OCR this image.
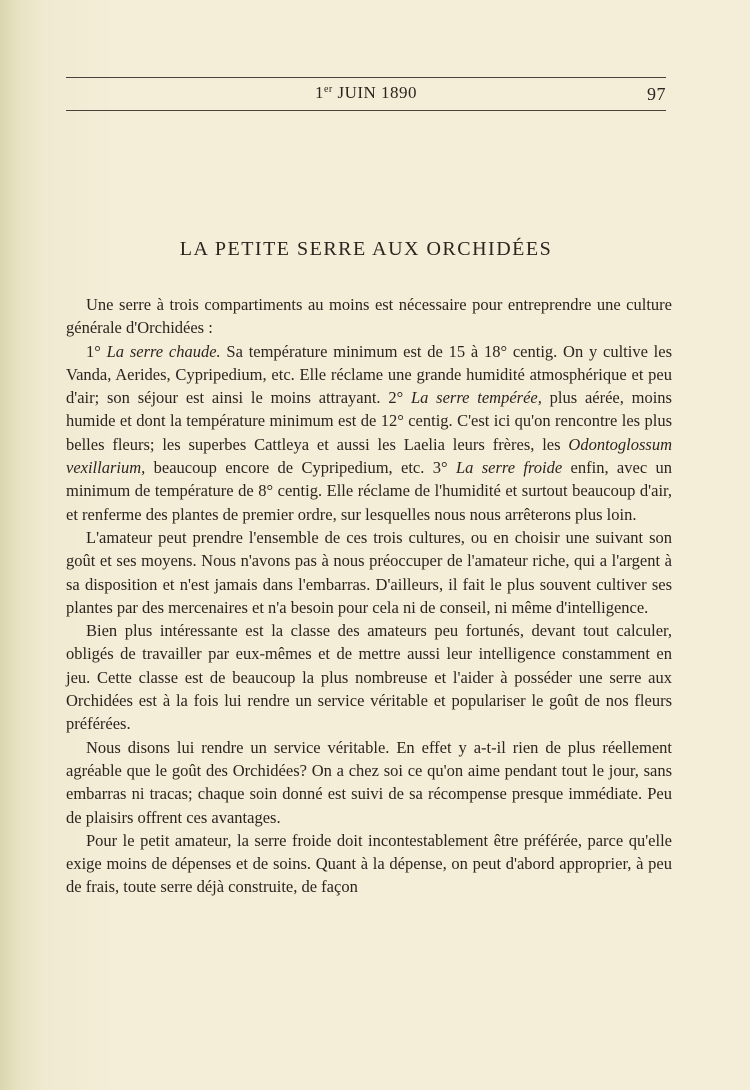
1er JUIN 1890	97
LA PETITE SERRE AUX ORCHIDÉES

Une serre à trois compartiments au moins est nécessaire pour entreprendre une culture générale d'Orchidées :

1° La serre chaude. Sa température minimum est de 15 à 18° centig. On y cultive les Vanda, Aerides, Cypripedium, etc. Elle réclame une grande humidité atmosphérique et peu d'air; son séjour est ainsi le moins attrayant. 2° La serre tempérée, plus aérée, moins humide et dont la température minimum est de 12° centig. C'est ici qu'on rencontre les plus belles fleurs; les superbes Cattleya et aussi les Laelia leurs frères, les Odontoglossum vexillarium, beaucoup encore de Cypripedium, etc. 3° La serre froide enfin, avec un minimum de température de 8° centig. Elle réclame de l'humidité et surtout beaucoup d'air, et renferme des plantes de premier ordre, sur lesquelles nous nous arrêterons plus loin.

L'amateur peut prendre l'ensemble de ces trois cultures, ou en choisir une suivant son goût et ses moyens. Nous n'avons pas à nous préoccuper de l'amateur riche, qui a l'argent à sa disposition et n'est jamais dans l'embarras. D'ailleurs, il fait le plus souvent cultiver ses plantes par des mercenaires et n'a besoin pour cela ni de conseil, ni même d'intelligence.

Bien plus intéressante est la classe des amateurs peu fortunés, devant tout calculer, obligés de travailler par eux-mêmes et de mettre aussi leur intelligence constamment en jeu. Cette classe est de beaucoup la plus nombreuse et l'aider à posséder une serre aux Orchidées est à la fois lui rendre un service véritable et populariser le goût de nos fleurs préférées.

Nous disons lui rendre un service véritable. En effet y a-t-il rien de plus réellement agréable que le goût des Orchidées? On a chez soi ce qu'on aime pendant tout le jour, sans embarras ni tracas; chaque soin donné est suivi de sa récompense presque immédiate. Peu de plaisirs offrent ces avantages.

Pour le petit amateur, la serre froide doit incontestablement être préférée, parce qu'elle exige moins de dépenses et de soins. Quant à la dépense, on peut d'abord approprier, à peu de frais, toute serre déjà construite, de façon
